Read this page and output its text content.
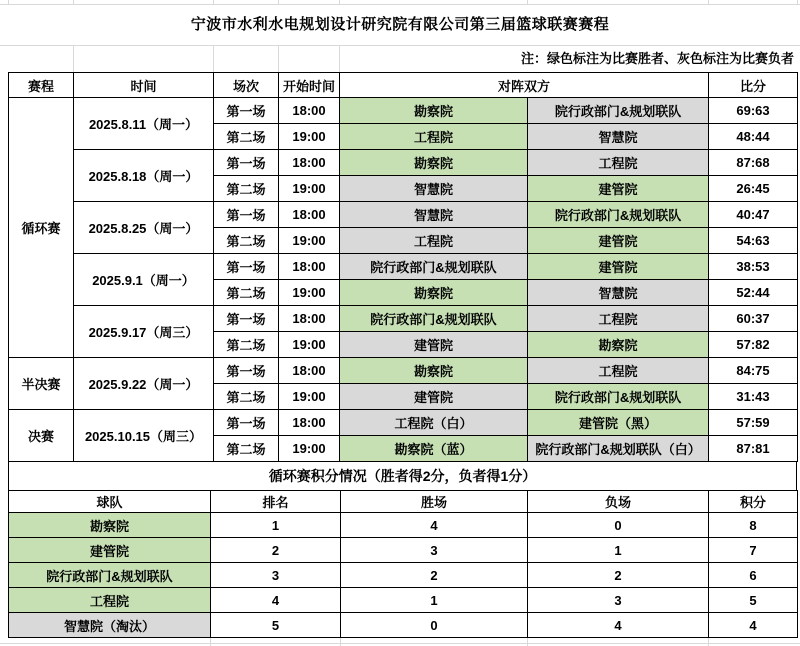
宁波市水利水电规划设计研究院有限公司第三届篮球联赛赛程
注：绿色标注为比赛胜者、灰色标注为比赛负者
赛程	时间	场次	开始时间	对阵双方		比分
循环赛	2025.8.11（周一）	第一场	18:00	勘察院	院行政部门&规划联队	69:63
		第二场	19:00	工程院	智慧院	48:44
	2025.8.18（周一）	第一场	18:00	勘察院	工程院	87:68
		第二场	19:00	智慧院	建管院	26:45
	2025.8.25（周一）	第一场	18:00	智慧院	院行政部门&规划联队	40:47
		第二场	19:00	工程院	建管院	54:63
	2025.9.1（周一）	第一场	18:00	院行政部门&规划联队	建管院	38:53
		第二场	19:00	勘察院	智慧院	52:44
	2025.9.17（周三）	第一场	18:00	院行政部门&规划联队	工程院	60:37
		第二场	19:00	建管院	勘察院	57:82
半决赛	2025.9.22（周一）	第一场	18:00	勘察院	工程院	84:75
		第二场	19:00	建管院	院行政部门&规划联队	31:43
决赛	2025.10.15（周三）	第一场	18:00	工程院（白）	建管院（黑）	57:59
		第二场	19:00	勘察院（蓝）	院行政部门&规划联队（白）	87:81
循环赛积分情况（胜者得2分，负者得1分）
球队	排名	胜场	负场	积分
勘察院	1	4	0	8
建管院	2	3	1	7
院行政部门&规划联队	3	2	2	6
工程院	4	1	3	5
智慧院（淘汰）	5	0	4	4
